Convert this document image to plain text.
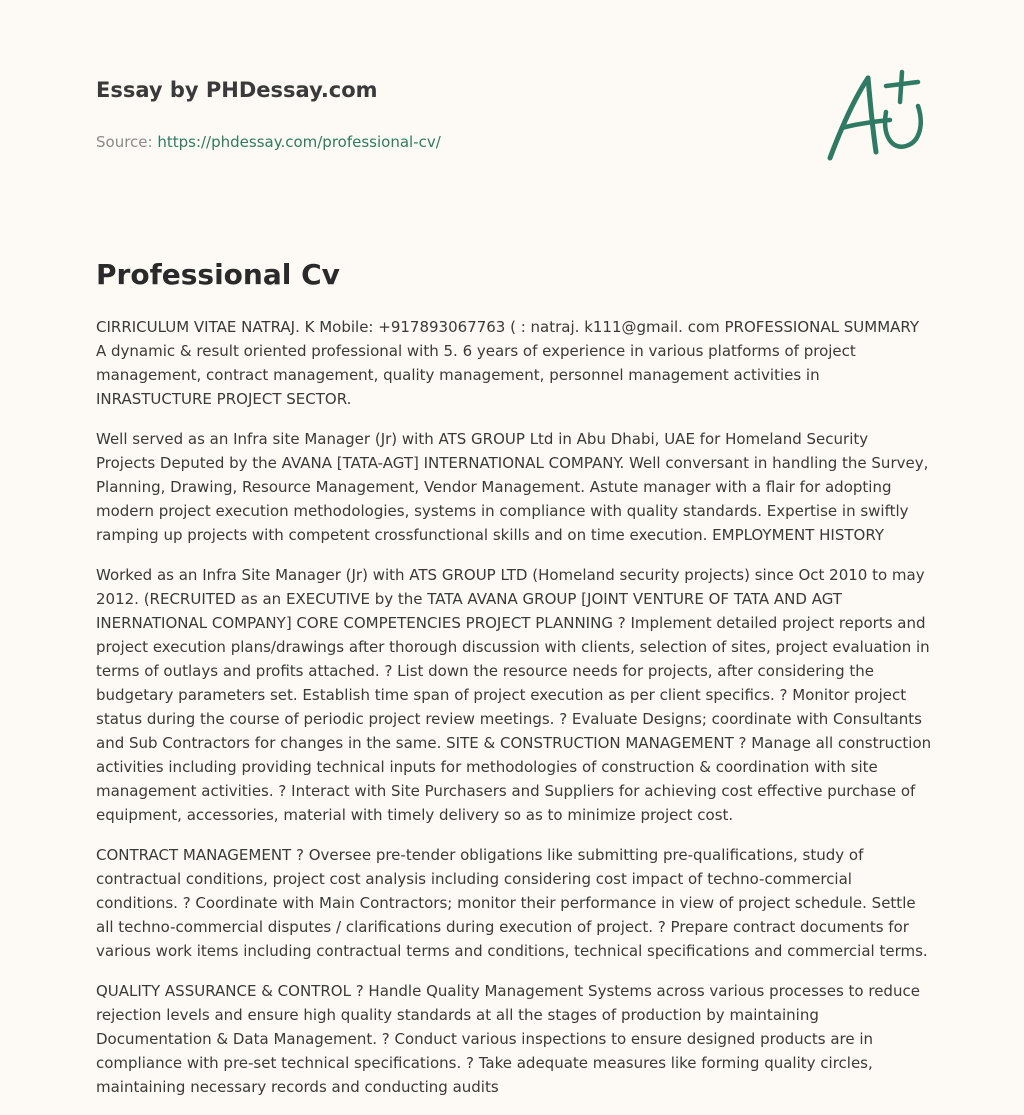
Essay by PHDessay.com
Source: https://phdessay.com/professional-cv/
Professional Cv

CIRRICULUM VITAE NATRAJ. K Mobile: +917893067763 ( : natraj. k111@gmail. com PROFESSIONAL SUMMARY A dynamic & result oriented professional with 5. 6 years of experience in various platforms of project management, contract management, quality management, personnel management activities in INRASTUCTURE PROJECT SECTOR.

Well served as an Infra site Manager (Jr) with ATS GROUP Ltd in Abu Dhabi, UAE for Homeland Security Projects Deputed by the AVANA [TATA-AGT] INTERNATIONAL COMPANY. Well conversant in handling the Survey, Planning, Drawing, Resource Management, Vendor Management. Astute manager with a flair for adopting modern project execution methodologies, systems in compliance with quality standards. Expertise in swiftly ramping up projects with competent crossfunctional skills and on time execution. EMPLOYMENT HISTORY

Worked as an Infra Site Manager (Jr) with ATS GROUP LTD (Homeland security projects) since Oct 2010 to may 2012. (RECRUITED as an EXECUTIVE by the TATA AVANA GROUP [JOINT VENTURE OF TATA AND AGT INERNATIONAL COMPANY] CORE COMPETENCIES PROJECT PLANNING ? Implement detailed project reports and project execution plans/drawings after thorough discussion with clients, selection of sites, project evaluation in terms of outlays and profits attached. ? List down the resource needs for projects, after considering the budgetary parameters set. Establish time span of project execution as per client specifics. ? Monitor project status during the course of periodic project review meetings. ? Evaluate Designs; coordinate with Consultants and Sub Contractors for changes in the same. SITE & CONSTRUCTION MANAGEMENT ? Manage all construction activities including providing technical inputs for methodologies of construction & coordination with site management activities. ? Interact with Site Purchasers and Suppliers for achieving cost effective purchase of equipment, accessories, material with timely delivery so as to minimize project cost.

CONTRACT MANAGEMENT ? Oversee pre-tender obligations like submitting pre-qualifications, study of contractual conditions, project cost analysis including considering cost impact of techno-commercial conditions. ? Coordinate with Main Contractors; monitor their performance in view of project schedule. Settle all techno-commercial disputes / clarifications during execution of project. ? Prepare contract documents for various work items including contractual terms and conditions, technical specifications and commercial terms.

QUALITY ASSURANCE & CONTROL ? Handle Quality Management Systems across various processes to reduce rejection levels and ensure high quality standards at all the stages of production by maintaining Documentation & Data Management. ? Conduct various inspections to ensure designed products are in compliance with pre-set technical specifications. ? Take adequate measures like forming quality circles, maintaining necessary records and conducting audits
